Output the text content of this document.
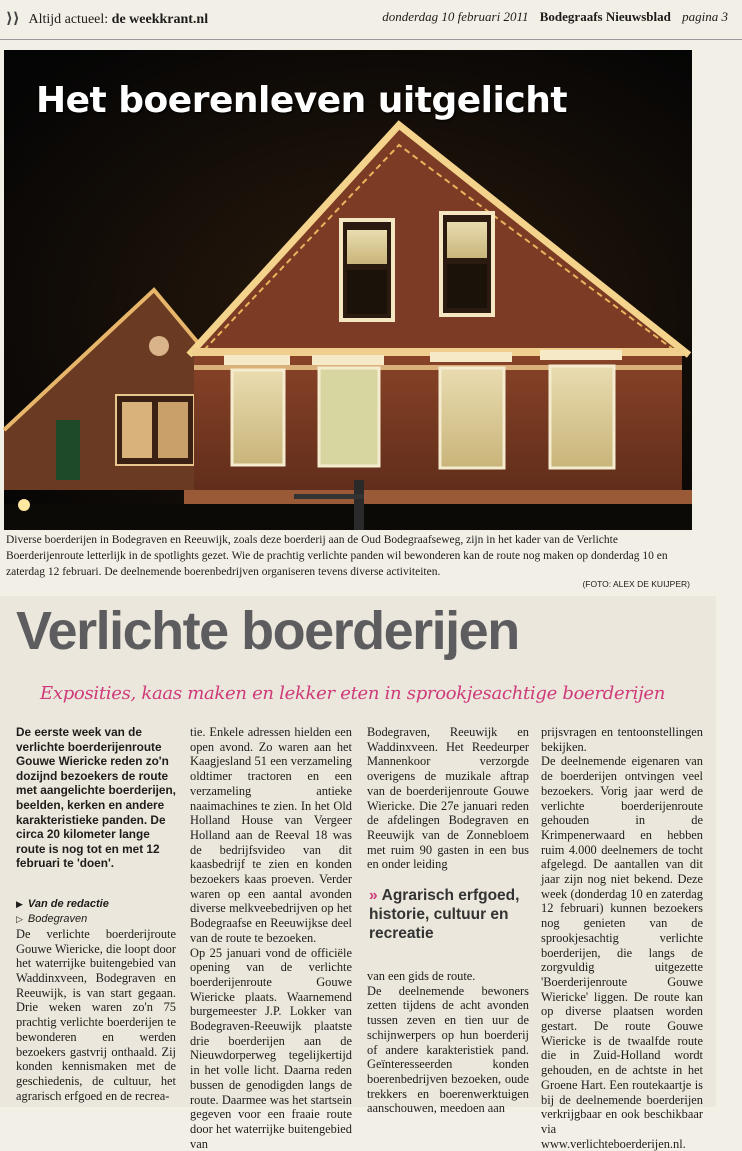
⟩⟩ Altijd actueel: de weekkrant.nl	donderdag 10 februari 2011 Bodegraafs Nieuwsblad pagina 3
Het boerenleven uitgelicht
Diverse boerderijen in Bodegraven en Reeuwijk, zoals deze boerderij aan de Oud Bodegraafseweg, zijn in het kader van de Verlichte Boerderijenroute letterlijk in de spotlights gezet. Wie de prachtig verlichte panden wil bewonderen kan de route nog maken op donderdag 10 en zaterdag 12 februari. De deelnemende boerenbedrijven organiseren tevens diverse activiteiten.
(FOTO: ALEX DE KUIJPER)
Verlichte boerderijen
Exposities, kaas maken en lekker eten in sprookjesachtige boerderijen

De eerste week van de verlichte boerderijenroute Gouwe Wiericke reden zo'n dozijnd bezoekers de route met aangelichte boerderijen, beelden, kerken en andere karakteristieke panden. De circa 20 kilometer lange route is nog tot en met 12 februari te 'doen'.

▶ Van de redactie
▷ Bodegraven

De verlichte boerderijroute Gouwe Wiericke, die loopt door het waterrijke buitengebied van Waddinxveen, Bodegraven en Reeuwijk, is van start gegaan. Drie weken waren zo'n 75 prachtig verlichte boerderijen te bewonderen en werden bezoekers gastvrij onthaald. Zij konden kennismaken met de geschiedenis, de cultuur, het agrarisch erfgoed en de recrea-

tie. Enkele adressen hielden een open avond. Zo waren aan het Kaagjesland 51 een verzameling oldtimer tractoren en een verzameling antieke naaimachines te zien. In het Old Holland House van Vergeer Holland aan de Reeval 18 was de bedrijfsvideo van dit kaasbedrijf te zien en konden bezoekers kaas proeven. Verder waren op een aantal avonden diverse melkveebedrijven op het Bodegraafse en Reeuwijkse deel van de route te bezoeken.

Op 25 januari vond de officiële opening van de verlichte boerderijenroute Gouwe Wiericke plaats. Waarnemend burgemeester J.P. Lokker van Bodegraven-Reeuwijk plaatste drie boerderijen aan de Nieuwdorperweg tegelijkertijd in het volle licht. Daarna reden bussen de genodigden langs de route. Daarmee was het startsein gegeven voor een fraaie route door het waterrijke buitengebied van

Bodegraven, Reeuwijk en Waddinxveen. Het Reedeurper Mannenkoor verzorgde overigens de muzikale aftrap van de boerderijenroute Gouwe Wiericke. Die 27e januari reden de afdelingen Bodegraven en Reeuwijk van de Zonnebloem met ruim 90 gasten in een bus en onder leiding

» Agrarisch erfgoed, historie, cultuur en recreatie

van een gids de route.

De deelnemende bewoners zetten tijdens de acht avonden tussen zeven en tien uur de schijnwerpers op hun boerderij of andere karakteristiek pand. Geïnteresseerden konden boerenbedrijven bezoeken, oude trekkers en boerenwerktuigen aanschouwen, meedoen aan

prijsvragen en tentoonstellingen bekijken.

De deelnemende eigenaren van de boerderijen ontvingen veel bezoekers. Vorig jaar werd de verlichte boerderijenroute gehouden in de Krimpenerwaard en hebben ruim 4.000 deelnemers de tocht afgelegd. De aantallen van dit jaar zijn nog niet bekend. Deze week (donderdag 10 en zaterdag 12 februari) kunnen bezoekers nog genieten van de sprookjesachtig verlichte boerderijen, die langs de zorgvuldig uitgezette 'Boerderijenroute Gouwe Wiericke' liggen. De route kan op diverse plaatsen worden gestart. De route Gouwe Wiericke is de twaalfde route die in Zuid-Holland wordt gehouden, en de achtste in het Groene Hart. Een routekaartje is bij de deelnemende boerderijen verkrijgbaar en ook beschikbaar via www.verlichteboerderijen.nl.
